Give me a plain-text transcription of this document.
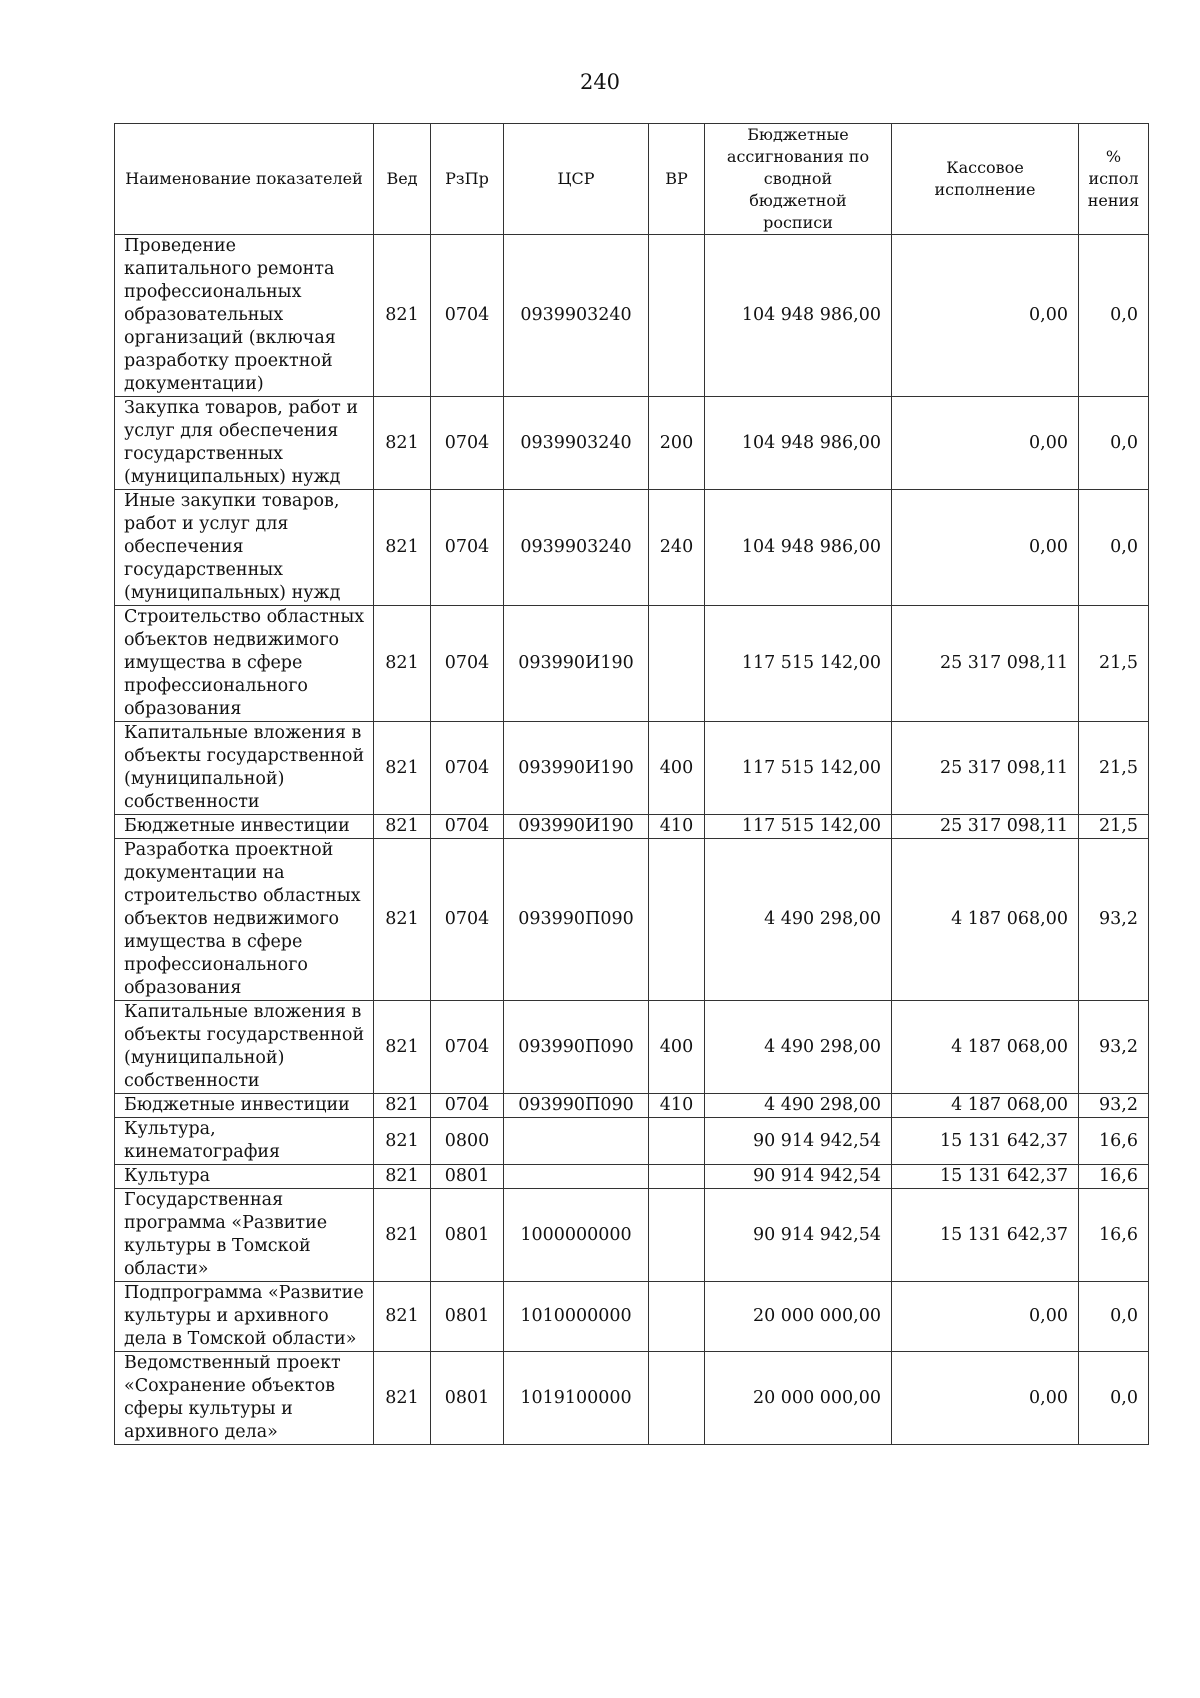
240
Наименование показателей	Вед	РзПр	ЦСР	ВР	Бюджетные ассигнования по сводной бюджетной росписи	Кассовое исполнение	% испол нения
Проведение капитального ремонта профессиональных образовательных организаций (включая разработку проектной документации)	821	0704	0939903240		104 948 986,00	0,00	0,0
Закупка товаров, работ и услуг для обеспечения государственных (муниципальных) нужд	821	0704	0939903240	200	104 948 986,00	0,00	0,0
Иные закупки товаров, работ и услуг для обеспечения государственных (муниципальных) нужд	821	0704	0939903240	240	104 948 986,00	0,00	0,0
Строительство областных объектов недвижимого имущества в сфере профессионального образования	821	0704	093990И190		117 515 142,00	25 317 098,11	21,5
Капитальные вложения в объекты государственной (муниципальной) собственности	821	0704	093990И190	400	117 515 142,00	25 317 098,11	21,5
Бюджетные инвестиции	821	0704	093990И190	410	117 515 142,00	25 317 098,11	21,5
Разработка проектной документации на строительство областных объектов недвижимого имущества в сфере профессионального образования	821	0704	093990П090		4 490 298,00	4 187 068,00	93,2
Капитальные вложения в объекты государственной (муниципальной) собственности	821	0704	093990П090	400	4 490 298,00	4 187 068,00	93,2
Бюджетные инвестиции	821	0704	093990П090	410	4 490 298,00	4 187 068,00	93,2
Культура, кинематография	821	0800			90 914 942,54	15 131 642,37	16,6
Культура	821	0801			90 914 942,54	15 131 642,37	16,6
Государственная программа «Развитие культуры в Томской области»	821	0801	1000000000		90 914 942,54	15 131 642,37	16,6
Подпрограмма «Развитие культуры и архивного дела в Томской области»	821	0801	1010000000		20 000 000,00	0,00	0,0
Ведомственный проект «Сохранение объектов сферы культуры и архивного дела»	821	0801	1019100000		20 000 000,00	0,00	0,0
